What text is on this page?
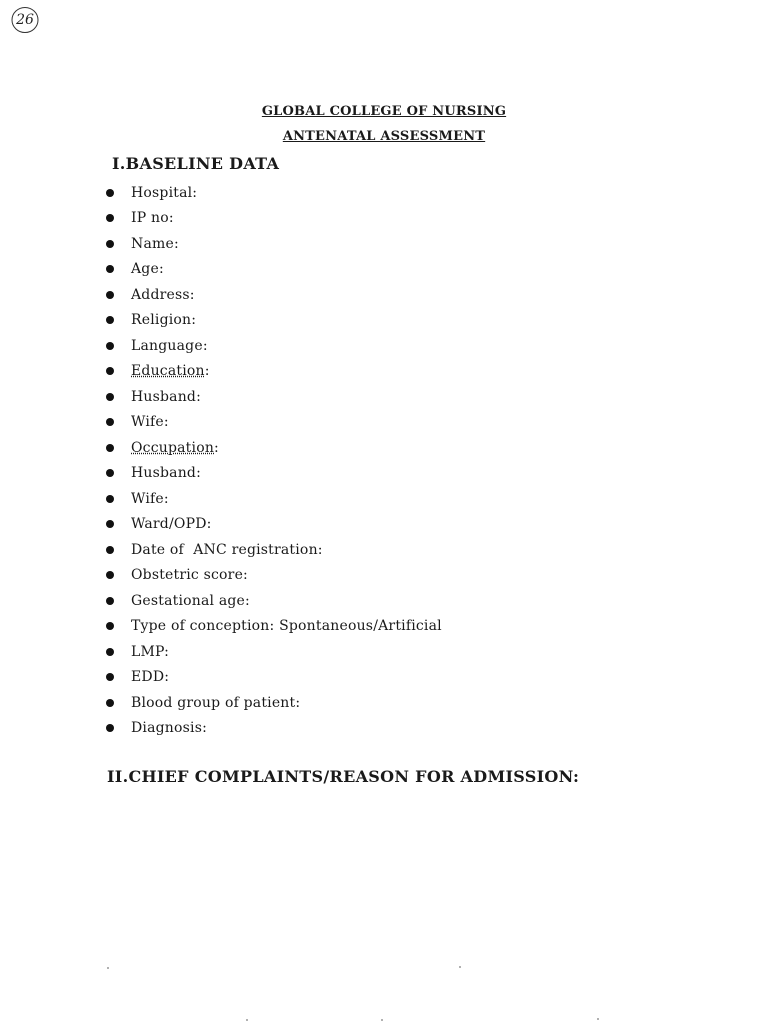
26
GLOBAL COLLEGE OF NURSING
ANTENATAL ASSESSMENT
I.BASELINE DATA
Hospital:
IP no:
Name:
Age:
Address:
Religion:
Language:
Education :
Husband:
Wife:
Occupation :
Husband:
Wife:
Ward/OPD:
Date of  ANC registration:
Obstetric score:
Gestational age:
Type of conception: Spontaneous/Artificial
LMP:
EDD:
Blood group of patient:
Diagnosis:
II.CHIEF COMPLAINTS/REASON FOR ADMISSION:
